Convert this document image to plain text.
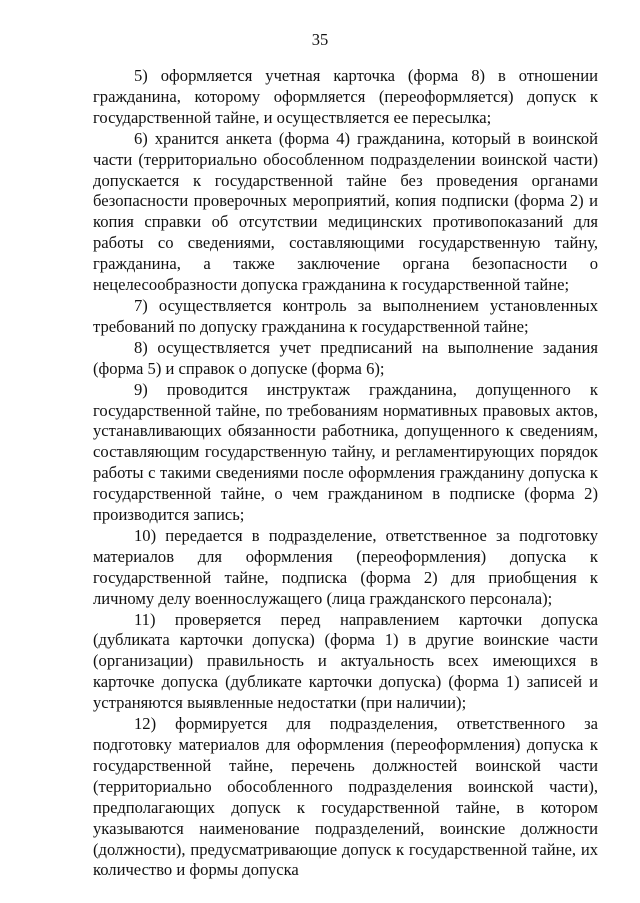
35

5) оформляется учетная карточка (форма 8) в отношении гражданина, которому оформляется (переоформляется) допуск к государственной тайне, и осуществляется ее пересылка;

6) хранится анкета (форма 4) гражданина, который в воинской части (территориально обособленном подразделении воинской части) допускается к государственной тайне без проведения органами безопасности проверочных мероприятий, копия подписки (форма 2) и копия справки об отсутствии медицинских противопоказаний для работы со сведениями, составляющими государственную тайну, гражданина, а также заключение органа безопасности о нецелесообразности допуска гражданина к государственной тайне;

7) осуществляется контроль за выполнением установленных требований по допуску гражданина к государственной тайне;

8) осуществляется учет предписаний на выполнение задания (форма 5) и справок о допуске (форма 6);

9) проводится инструктаж гражданина, допущенного к государственной тайне, по требованиям нормативных правовых актов, устанавливающих обязанности работника, допущенного к сведениям, составляющим государственную тайну, и регламентирующих порядок работы с такими сведениями после оформления гражданину допуска к государственной тайне, о чем гражданином в подписке (форма 2) производится запись;

10) передается в подразделение, ответственное за подготовку материалов для оформления (переоформления) допуска к государственной тайне, подписка (форма 2) для приобщения к личному делу военнослужащего (лица гражданского персонала);

11) проверяется перед направлением карточки допуска (дубликата карточки допуска) (форма 1) в другие воинские части (организации) правильность и актуальность всех имеющихся в карточке допуска (дубликате карточки допуска) (форма 1) записей и устраняются выявленные недостатки (при наличии);

12) формируется для подразделения, ответственного за подготовку материалов для оформления (переоформления) допуска к государственной тайне, перечень должностей воинской части (территориально обособленного подразделения воинской части), предполагающих допуск к государственной тайне, в котором указываются наименование подразделений, воинские должности (должности), предусматривающие допуск к государственной тайне, их количество и формы допуска
